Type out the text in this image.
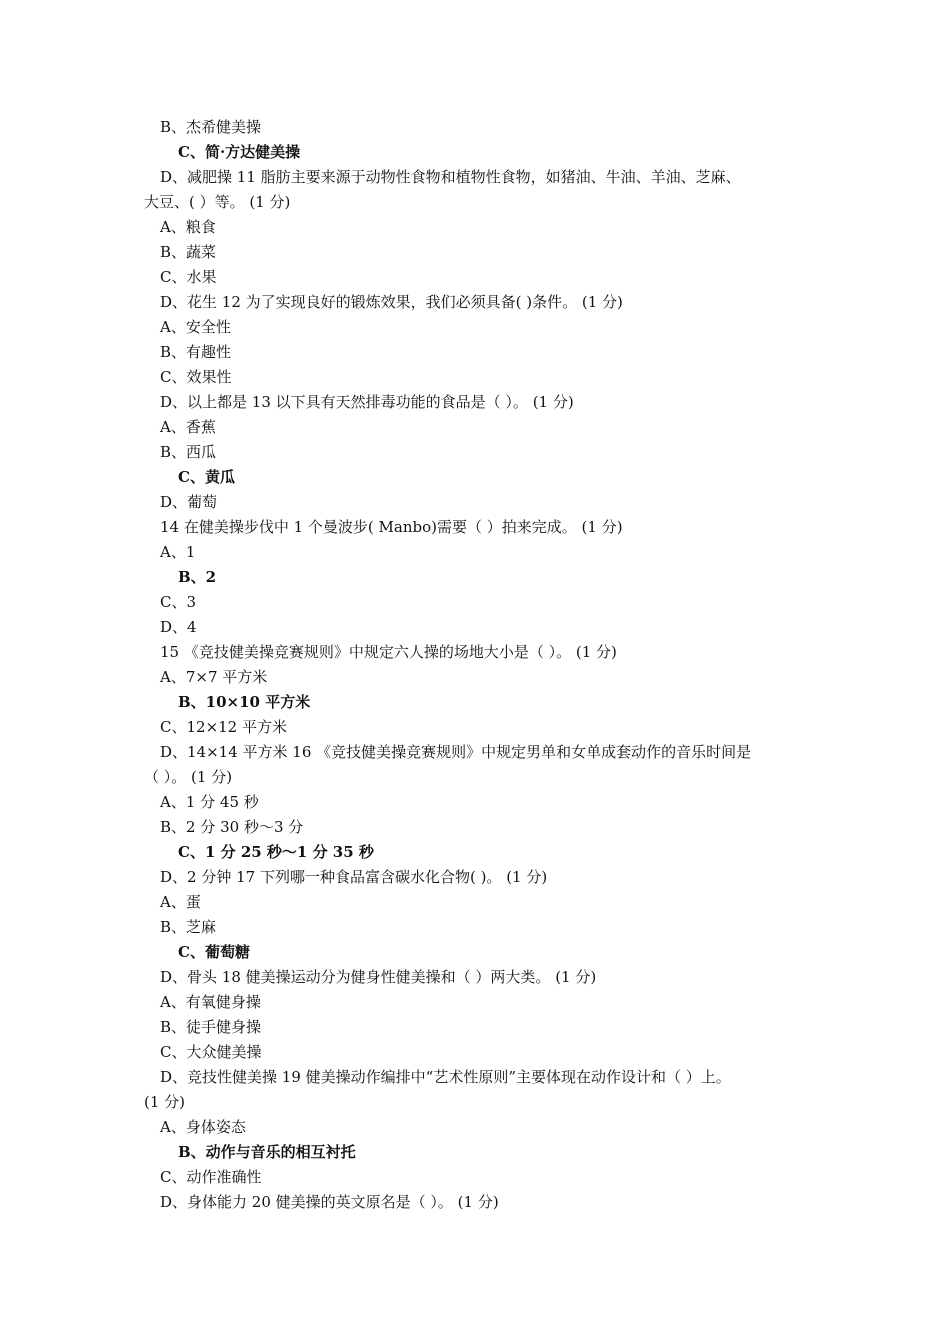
B、杰希健美操
C、简·方达健美操
D、减肥操 11 脂肪主要来源于动物性食物和植物性食物，如猪油、牛油、羊油、芝麻、
大豆、( ）等。 (1 分)
A、粮食
B、蔬菜
C、水果
D、花生 12 为了实现良好的锻炼效果，我们必须具备( )条件。 (1 分)
A、安全性
B、有趣性
C、效果性
D、以上都是 13 以下具有天然排毒功能的食品是（ ）。 (1 分)
A、香蕉
B、西瓜
C、黄瓜
D、葡萄
14 在健美操步伐中 1 个曼波步( Manbo)需要（ ）拍来完成。 (1 分)
A、1
B、2
C、3
D、4
15 《竞技健美操竞赛规则》中规定六人操的场地大小是（ ）。 (1 分)
A、7×7 平方米
B、10×10 平方米
C、12×12 平方米
D、14×14 平方米 16 《竞技健美操竞赛规则》中规定男单和女单成套动作的音乐时间是
（ ）。 (1 分)
A、1 分 45 秒
B、2 分 30 秒～3 分
C、1 分 25 秒～1 分 35 秒
D、2 分钟 17 下列哪一种食品富含碳水化合物( )。 (1 分)
A、蛋
B、芝麻
C、葡萄糖
D、骨头 18 健美操运动分为健身性健美操和（ ）两大类。 (1 分)
A、有氧健身操
B、徒手健身操
C、大众健美操
D、竞技性健美操 19 健美操动作编排中“艺术性原则”主要体现在动作设计和（ ）上。
(1 分)
A、身体姿态
B、动作与音乐的相互衬托
C、动作准确性
D、身体能力 20 健美操的英文原名是（ ）。 (1 分)
